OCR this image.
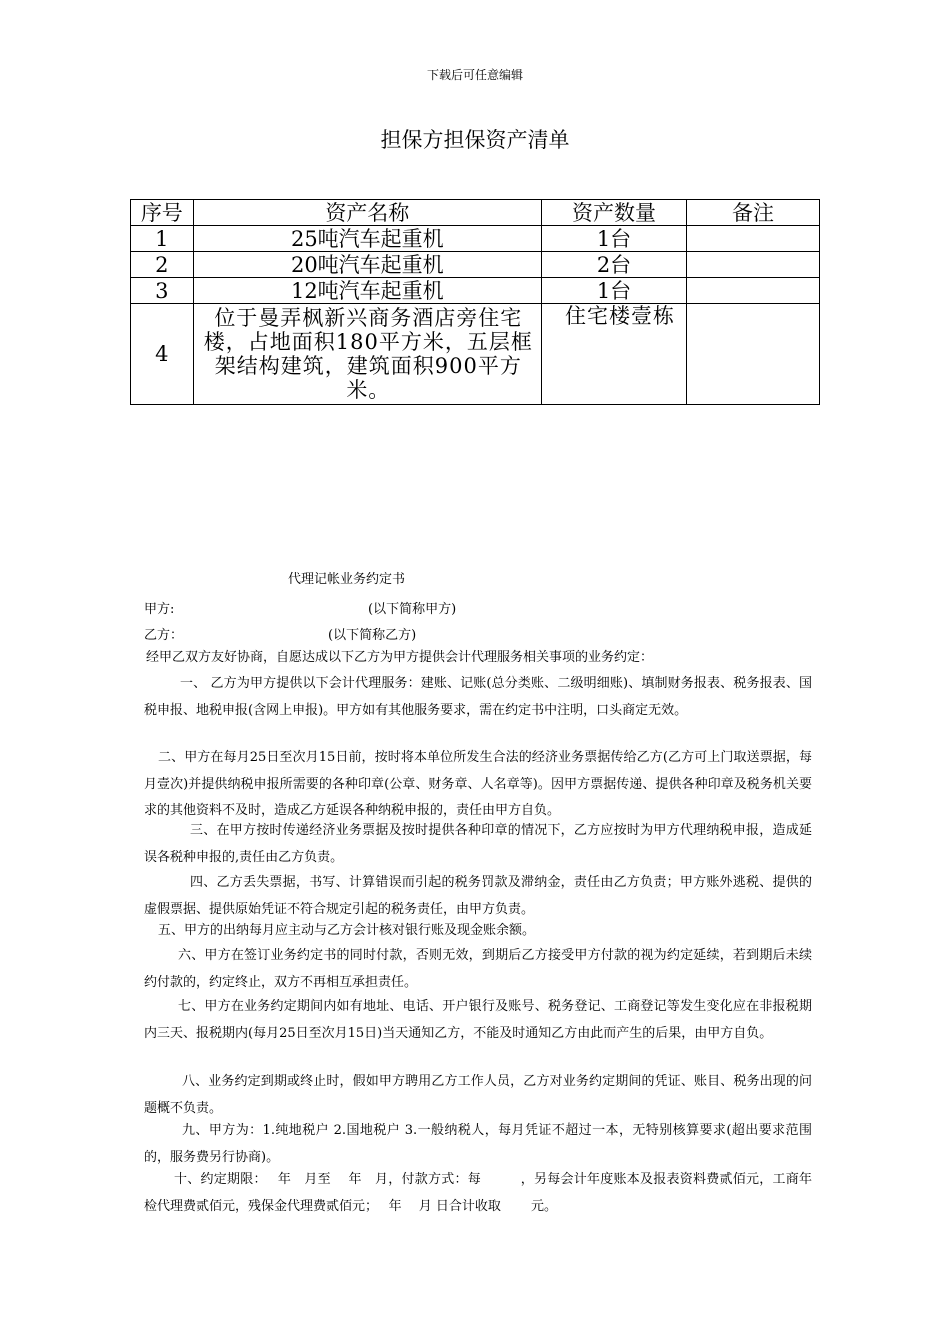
下载后可任意编辑
担保方担保资产清单
序号	资产名称	资产数量	备注
1	25吨汽车起重机	1台	
2	20吨汽车起重机	2台	
3	12吨汽车起重机	1台	
4	位于曼弄枫新兴商务酒店旁住宅楼，占地面积180平方米，五层框架结构建筑，建筑面积900平方米。	住宅楼壹栋	
代理记帐业务约定书
甲方:	(以下简称甲方)
乙方：	(以下简称乙方)
经甲乙双方友好协商，自愿达成以下乙方为甲方提供会计代理服务相关事项的业务约定：
一、 乙方为甲方提供以下会计代理服务：建账、记账(总分类账、二级明细账)、填制财务报表、税务报表、国税申报、地税申报(含网上申报)。甲方如有其他服务要求，需在约定书中注明，口头商定无效。
二、甲方在每月25日至次月15日前，按时将本单位所发生合法的经济业务票据传给乙方(乙方可上门取送票据，每月壹次)并提供纳税申报所需要的各种印章(公章、财务章、人名章等)。因甲方票据传递、提供各种印章及税务机关要求的其他资料不及时，造成乙方延误各种纳税申报的，责任由甲方自负。
三、在甲方按时传递经济业务票据及按时提供各种印章的情况下，乙方应按时为甲方代理纳税申报，造成延误各税种申报的,责任由乙方负责。
四、乙方丢失票据，书写、计算错误而引起的税务罚款及滞纳金，责任由乙方负责；甲方账外逃税、提供的虚假票据、提供原始凭证不符合规定引起的税务责任，由甲方负责。
五、甲方的出纳每月应主动与乙方会计核对银行账及现金账余额。
六、甲方在签订业务约定书的同时付款，否则无效，到期后乙方接受甲方付款的视为约定延续，若到期后未续约付款的，约定终止，双方不再相互承担责任。
七、甲方在业务约定期间内如有地址、电话、开户银行及账号、税务登记、工商登记等发生变化应在非报税期内三天、报税期内(每月25日至次月15日)当天通知乙方，不能及时通知乙方由此而产生的后果，由甲方自负。
八、业务约定到期或终止时，假如甲方聘用乙方工作人员，乙方对业务约定期间的凭证、账目、税务出现的问题概不负责。
九、甲方为：1.纯地税户 2.国地税户 3.一般纳税人，每月凭证不超过一本，无特别核算要求(超出要求范围的，服务费另行协商)。
十、约定期限：　 年　月至　 年　月，付款方式：每　　　，另每会计年度账本及报表资料费贰佰元，工商年检代理费贰佰元，残保金代理费贰佰元；　 年　 月 日合计收取　　 元。
